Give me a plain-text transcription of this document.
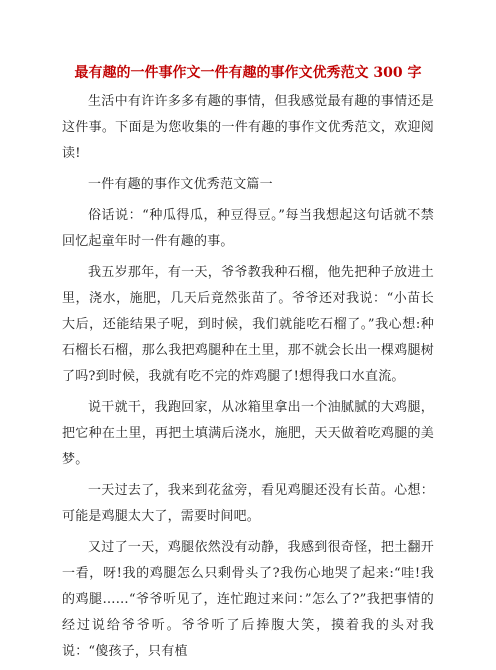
最有趣的一件事作文一件有趣的事作文优秀范文 300 字

生活中有许许多多有趣的事情，但我感觉最有趣的事情还是这件事。下面是为您收集的一件有趣的事作文优秀范文，欢迎阅读!

一件有趣的事作文优秀范文篇一

俗话说：“种瓜得瓜，种豆得豆。”每当我想起这句话就不禁回忆起童年时一件有趣的事。

我五岁那年，有一天，爷爷教我种石榴，他先把种子放进土里，浇水，施肥，几天后竟然张苗了。爷爷还对我说：“小苗长大后，还能结果子呢，到时候，我们就能吃石榴了。”我心想:种石榴长石榴，那么我把鸡腿种在土里，那不就会长出一棵鸡腿树了吗?到时候，我就有吃不完的炸鸡腿了!想得我口水直流。

说干就干，我跑回家，从冰箱里拿出一个油腻腻的大鸡腿，把它种在土里，再把土填满后浇水，施肥，天天做着吃鸡腿的美梦。

一天过去了，我来到花盆旁，看见鸡腿还没有长苗。心想：可能是鸡腿太大了，需要时间吧。

又过了一天，鸡腿依然没有动静，我感到很奇怪，把土翻开一看，呀!我的鸡腿怎么只剩骨头了?我伤心地哭了起来:“哇!我的鸡腿……“爷爷听见了，连忙跑过来问：”怎么了?”我把事情的经过说给爷爷听。爷爷听了后捧腹大笑，摸着我的头对我说：“傻孩子，只有植
